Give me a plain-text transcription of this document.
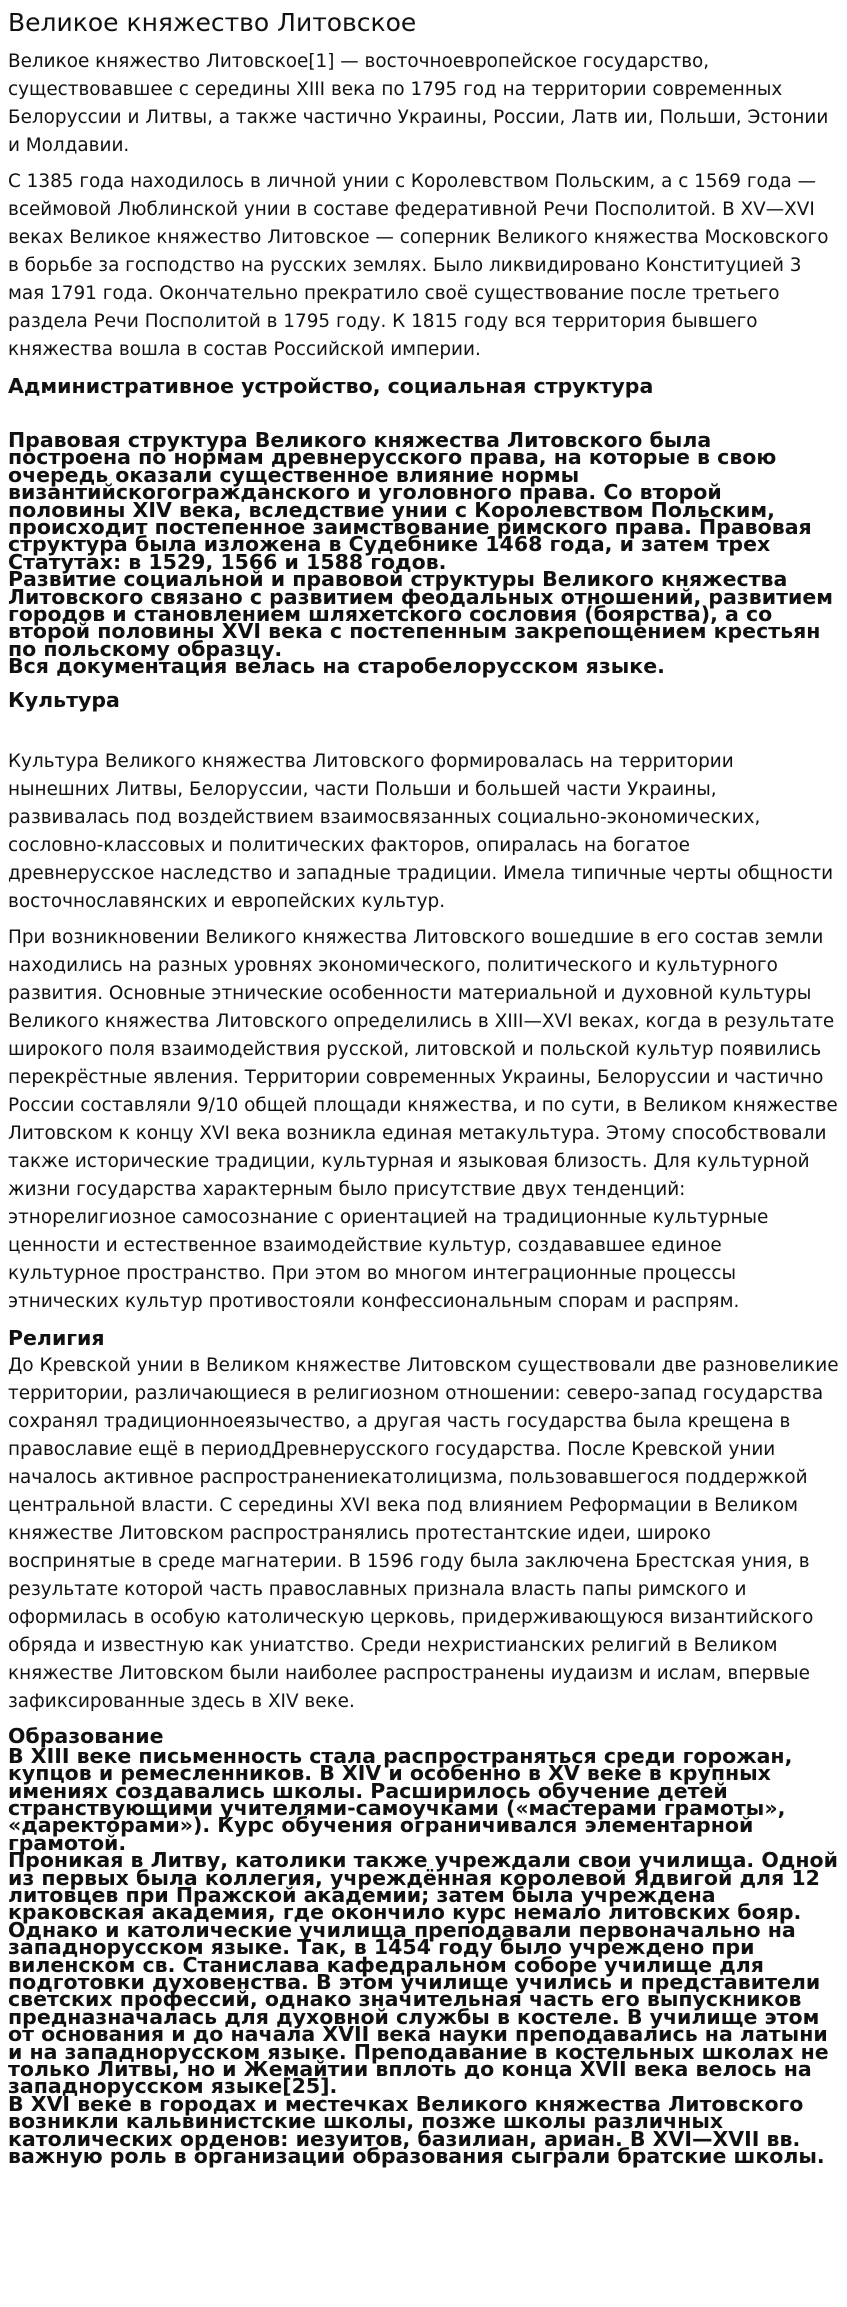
Великое княжество Литовское

Великое княжество Литовское[1] — восточноевропейское государство, существовавшее с середины XIII века по 1795 год на территории современных Белоруссии и Литвы, а также частично Украины, России, Латв ии, Польши, Эстонии и Молдавии.

С 1385 года находилось в личной унии с Королевством Польским, а с 1569 года — всеймовой Люблинской унии в составе федеративной Речи Посполитой. В XV—XVI веках Великое княжество Литовское — соперник Великого княжества Московского в борьбе за господство на русских землях. Было ликвидировано Конституцией 3 мая 1791 года. Окончательно прекратило своё существование после третьего раздела Речи Посполитой в 1795 году. К 1815 году вся территория бывшего княжества вошла в состав Российской империи.

Административное устройство, социальная структура
Правовая структура Великого княжества Литовского была построена по нормам древнерусского права, на которые в свою очередь оказали существенное влияние нормы византийскогогражданского и уголовного права. Со второй половины XIV века, вследствие унии с Королевством Польским, происходит постепенное заимствование римского права. Правовая структура была изложена в Судебнике 1468 года, и затем трех Статутах: в 1529, 1566 и 1588 годов.
Развитие социальной и правовой структуры Великого княжества Литовского связано с развитием феодальных отношений, развитием городов и становлением шляхетского сословия (боярства), а со второй половины XVI века с постепенным закрепощением крестьян по польскому образцу.
Вся документация велась на старобелорусском языке.
Культура

Культура Великого княжества Литовского формировалась на территории нынешних Литвы, Белоруссии, части Польши и большей части Украины, развивалась под воздействием взаимосвязанных социально-экономических, сословно-классовых и политических факторов, опиралась на богатое древнерусское наследство и западные традиции. Имела типичные черты общности восточнославянских и европейских культур.

При возникновении Великого княжества Литовского вошедшие в его состав земли находились на разных уровнях экономического, политического и культурного развития. Основные этнические особенности материальной и духовной культуры Великого княжества Литовского определились в XIII—XVI веках, когда в результате широкого поля взаимодействия русской, литовской и польской культур появились перекрёстные явления. Территории современных Украины, Белоруссии и частично России составляли 9/10 общей площади княжества, и по сути, в Великом княжестве Литовском к концу XVI века возникла единая метакультура. Этому способствовали также исторические традиции, культурная и языковая близость. Для культурной жизни государства характерным было присутствие двух тенденций: этнорелигиозное самосознание с ориентацией на традиционные культурные ценности и естественное взаимодействие культур, создававшее единое культурное пространство. При этом во многом интеграционные процессы этнических культур противостояли конфессиональным спорам и распрям.

Религия

До Кревской унии в Великом княжестве Литовском существовали две разновеликие территории, различающиеся в религиозном отношении: северо-запад государства сохранял традиционноеязычество, а другая часть государства была крещена в православие ещё в периодДревнерусского государства. После Кревской унии началось активное распространениекатолицизма, пользовавшегося поддержкой центральной власти. С середины XVI века под влиянием Реформации в Великом княжестве Литовском распространялись протестантские идеи, широко воспринятые в среде магнатерии. В 1596 году была заключена Брестская уния, в результате которой часть православных признала власть папы римского и оформилась в особую католическую церковь, придерживающуюся византийского обряда и известную как униатство. Среди нехристианских религий в Великом княжестве Литовском были наиболее распространены иудаизм и ислам, впервые зафиксированные здесь в XIV веке.

Образование
В XIII веке письменность стала распространяться среди горожан, купцов и ремесленников. В XIV и особенно в XV веке в крупных имениях создавались школы. Расширилось обучение детей странствующими учителями-самоучками («мастерами грамоты», «даректорами»). Курс обучения ограничивался элементарной грамотой.
Проникая в Литву, католики также учреждали свои училища. Одной из первых была коллегия, учреждённая королевой Ядвигой для 12 литовцев при Пражской академии; затем была учреждена краковская академия, где окончило курс немало литовских бояр. Однако и католические училища преподавали первоначально на западнорусском языке. Так, в 1454 году было учреждено при виленском св. Станислава кафедральном соборе училище для подготовки духовенства. В этом училище учились и представители светских профессий, однако значительная часть его выпускников предназначалась для духовной службы в костеле. В училище этом от основания и до начала XVII века науки преподавались на латыни и на западнорусском языке. Преподавание в костельных школах не только Литвы, но и Жемайтии вплоть до конца XVII века велось на западнорусском языке[25].
В XVI веке в городах и местечках Великого княжества Литовского возникли кальвинистские школы, позже школы различных католических орденов: иезуитов, базилиан, ариан. В XVI—XVII вв. важную роль в организации образования сыграли братские школы.
